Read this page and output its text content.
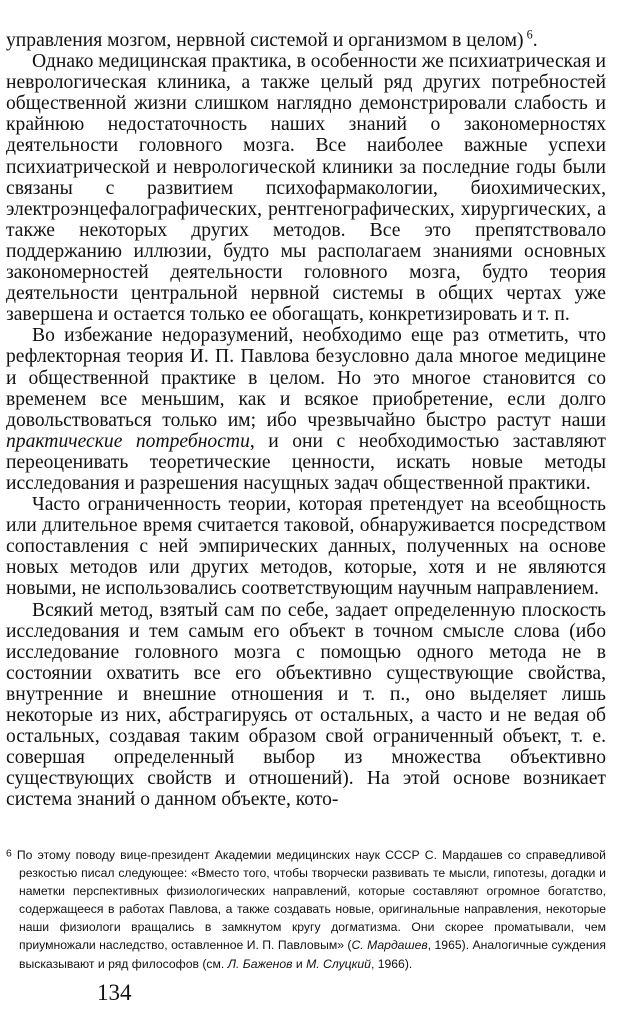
управления мозгом, нервной системой и организмом в целом) $^6$.

Однако медицинская практика, в особенности же психиатрическая и неврологическая клиника, а также целый ряд других потребностей общественной жизни слишком наглядно демонстрировали слабость и крайнюю недостаточность наших знаний о закономерностях деятельности головного мозга. Все наиболее важные успехи психиатрической и неврологической клиники за последние годы были связаны с развитием психофармакологии, биохимических, электроэнцефалографических, рентгенографических, хирургических, а также некоторых других методов. Все это препятствовало поддержанию иллюзии, будто мы располагаем знаниями основных закономерностей деятельности головного мозга, будто теория деятельности центральной нервной системы в общих чертах уже завершена и остается только ее обогащать, конкретизировать и т. п.

Во избежание недоразумений, необходимо еще раз отметить, что рефлекторная теория И. П. Павлова безусловно дала многое медицине и общественной практике в целом. Но это многое становится со временем все меньшим, как и всякое приобретение, если долго довольствоваться только им; ибо чрезвычайно быстро растут наши практические потребности, и они с необходимостью заставляют переоценивать теоретические ценности, искать новые методы исследования и разрешения насущных задач общественной практики.

Часто ограниченность теории, которая претендует на всеобщность или длительное время считается таковой, обнаруживается посредством сопоставления с ней эмпирических данных, полученных на основе новых методов или других методов, которые, хотя и не являются новыми, не использовались соответствующим научным направлением.

Всякий метод, взятый сам по себе, задает определенную плоскость исследования и тем самым его объект в точном смысле слова (ибо исследование головного мозга с помощью одного метода не в состоянии охватить все его объективно существующие свойства, внутренние и внешние отношения и т. п., оно выделяет лишь некоторые из них, абстрагируясь от остальных, а часто и не ведая об остальных, создавая таким образом свой ограниченный объект, т. е. совершая определенный выбор из множества объективно существующих свойств и отношений). На этой основе возникает система знаний о данном объекте, кото-

$^6$ По этому поводу вице-президент Академии медицинских наук СССР С. Мардашев со справедливой резкостью писал следующее: «Вместо того, чтобы творчески развивать те мысли, гипотезы, догадки и наметки перспективных физиологических направлений, которые составляют огромное богатство, содержащееся в работах Павлова, а также создавать новые, оригинальные направления, некоторые наши физиологи вращались в замкнутом кругу догматизма. Они скорее проматывали, чем приумножали наследство, оставленное И. П. Павловым» (С. Мардашев, 1965). Аналогичные суждения высказывают и ряд философов (см. Л. Баженов и М. Слуцкий, 1966).

134
